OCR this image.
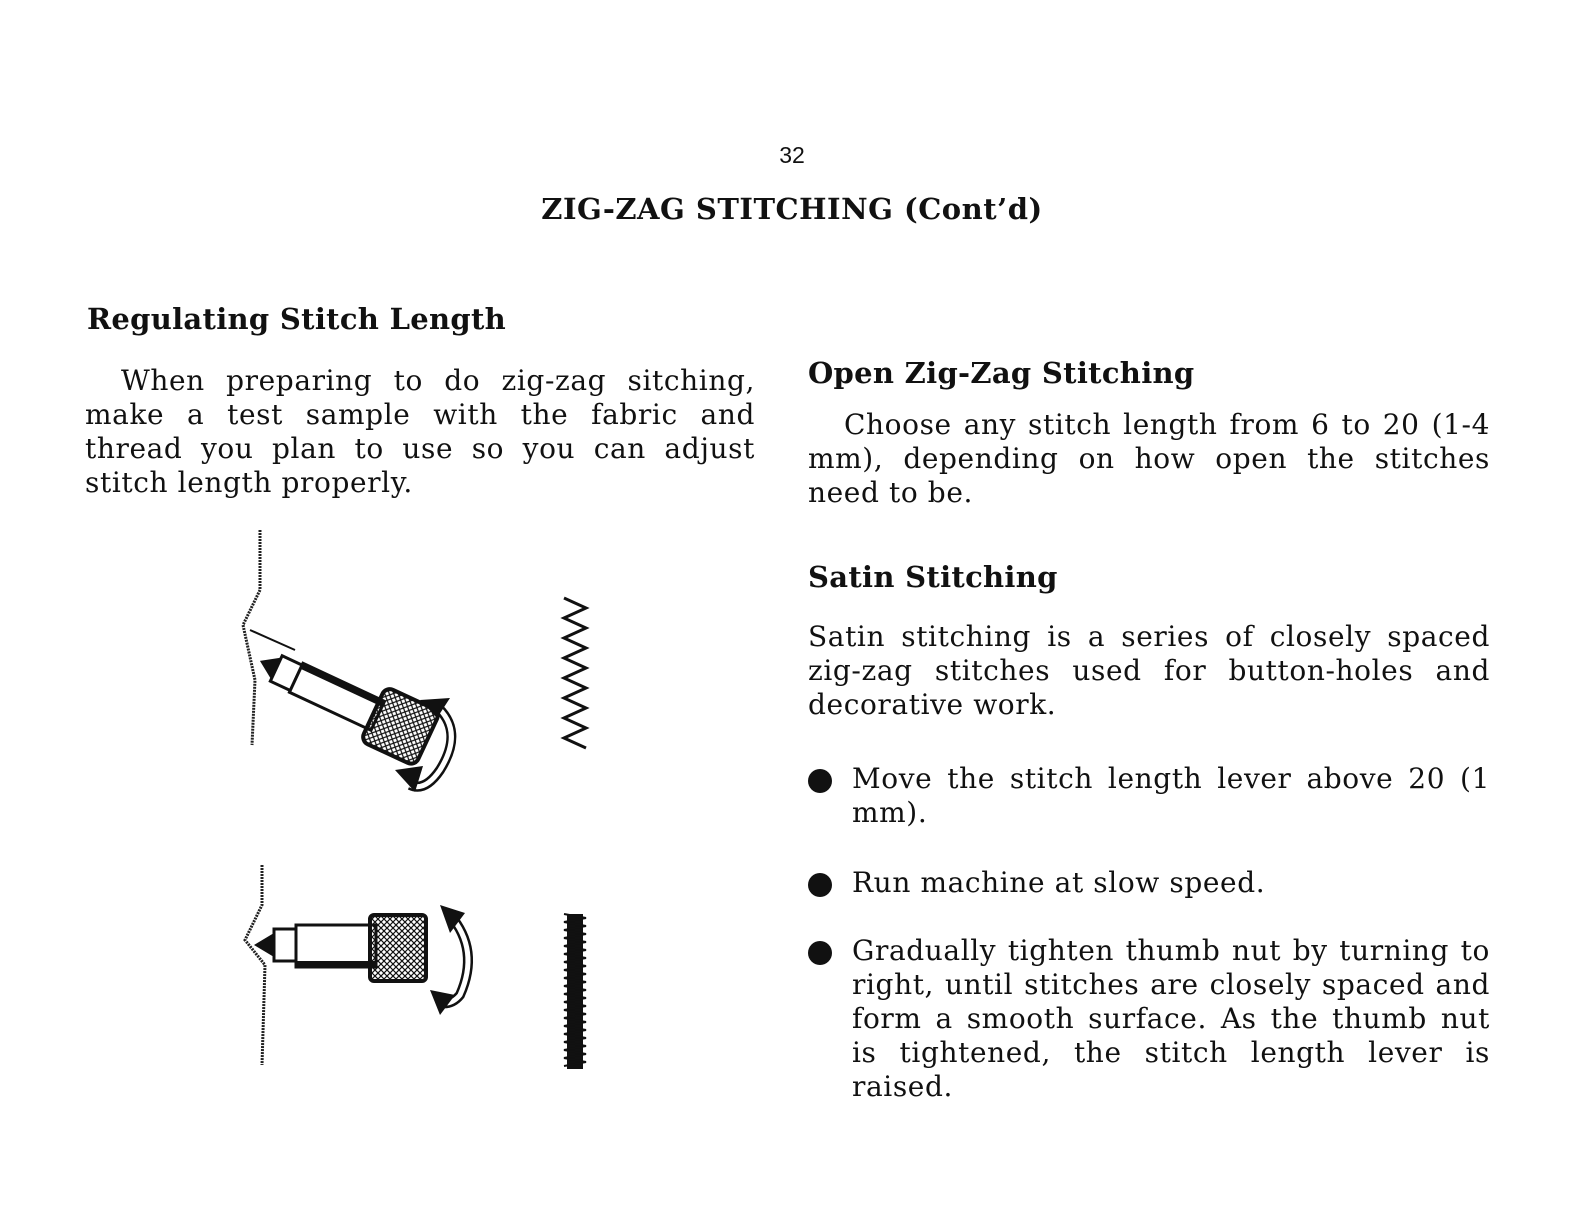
32
ZIG-ZAG STITCHING (Cont’d)
Regulating Stitch Length

When preparing to do zig-zag sitching, make a test sample with the fabric and thread you plan to use so you can adjust stitch length properly.

Open Zig-Zag Stitching

Choose any stitch length from 6 to 20 (1-4 mm), depending on how open the stitches need to be.

Satin Stitching

Satin stitching is a series of closely spaced zig-zag stitches used for button-holes and decorative work.

Move the stitch length lever above 20 (1 mm).
Run machine at slow speed.
Gradually tighten thumb nut by turning to right, until stitches are closely spaced and form a smooth surface. As the thumb nut is tightened, the stitch length lever is raised.
